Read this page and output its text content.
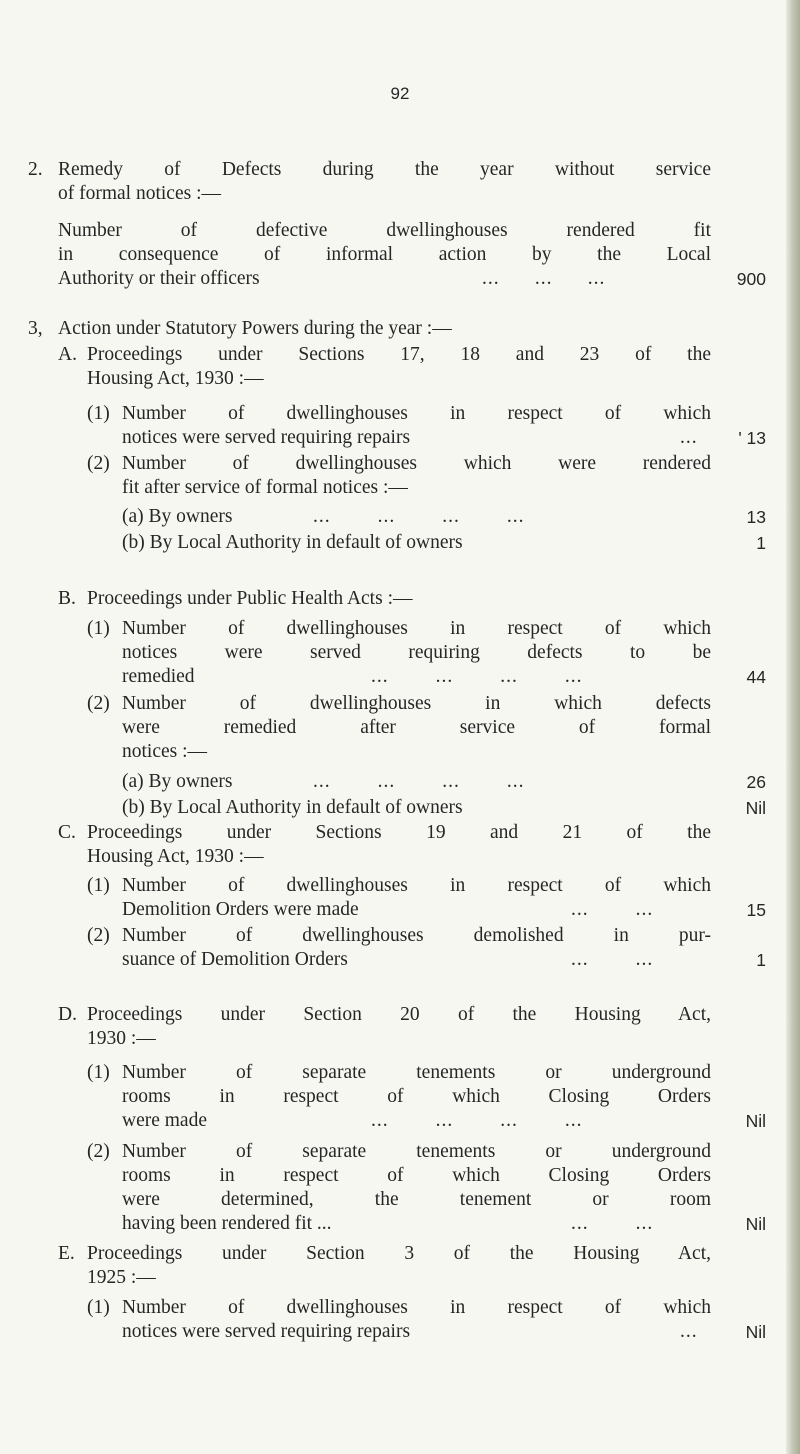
92
2. Remedy of Defects during the year without service
of formal notices :—
Number of defective dwellinghouses rendered fit
in consequence of informal action by the Local
Authority or their officers	...      ...      ...	900
3, Action under Statutory Powers during the year :—
A. Proceedings under Sections 17, 18 and 23 of the
Housing Act, 1930 :—
(1) Number of dwellinghouses in respect of which
notices were served requiring repairs	... ' 13
(2) Number of dwellinghouses which were rendered
fit after service of formal notices :—
(a) By owners	...        ...        ...        ...	13
(b) By Local Authority in default of owners	1
B. Proceedings under Public Health Acts :—
(1) Number of dwellinghouses in respect of which
notices were served requiring defects to be
remedied	...        ...        ...        ...	44
(2) Number of dwellinghouses in which defects
were remedied after service of formal
notices :—
(a) By owners	...        ...        ...        ...	26
(b) By Local Authority in default of owners	Nil
C. Proceedings under Sections 19 and 21 of the
Housing Act, 1930 :—
(1) Number of dwellinghouses in respect of which
Demolition Orders were made	...        ...	15
(2) Number of dwellinghouses demolished in pur-
suance of Demolition Orders	...        ...	1
D. Proceedings under Section 20 of the Housing Act,
1930 :—
(1) Number of separate tenements or underground
rooms in respect of which Closing Orders
were made	...        ...        ...        ...	Nil
(2) Number of separate tenements or underground
rooms in respect of which Closing Orders
were determined, the tenement or room
having been rendered fit ...	...        ...	Nil
E. Proceedings under Section 3 of the Housing Act,
1925 :—
(1) Number of dwellinghouses in respect of which
notices were served requiring repairs	...	Nil
